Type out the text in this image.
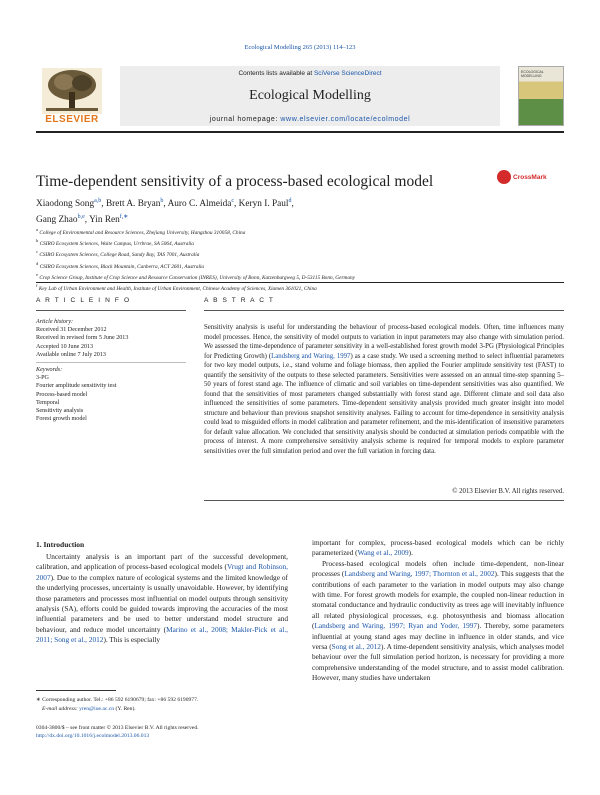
Ecological Modelling 265 (2013) 114–123
ELSEVIER
Contents lists available at SciVerse ScienceDirect
Ecological Modelling
journal homepage: www.elsevier.com/locate/ecolmodel
ECOLOGICAL MODELLING
Time-dependent sensitivity of a process-based ecological model	CrossMark
Xiaodong Song$^{a,b}$, Brett A. Bryan$^b$, Auro C. Almeida$^c$, Keryn I. Paul$^d$,
Gang Zhao$^{b,e}$, Yin Ren$^{f,∗}$
$^a$ College of Environmental and Resource Sciences, Zhejiang University, Hangzhou 310058, China
$^b$ CSIRO Ecosystem Sciences, Waite Campus, Urrbrae, SA 5064, Australia
$^c$ CSIRO Ecosystem Sciences, College Road, Sandy Bay, TAS 7001, Australia
$^d$ CSIRO Ecosystem Sciences, Black Mountain, Canberra, ACT 2601, Australia
$^e$ Crop Science Group, Institute of Crop Science and Resource Conservation (INRES), University of Bonn, Katzenburgweg 5, D-53115 Bonn, Germany
$^f$ Key Lab of Urban Environment and Health, Institute of Urban Environment, Chinese Academy of Sciences, Xiamen 361021, China
A R T I C L E I N F O
Article history:
Received 31 December 2012
Received in revised form 5 June 2013
Accepted 10 June 2013
Available online 7 July 2013
Keywords:
3-PG
Fourier amplitude sensitivity test
Process-based model
Temporal
Sensitivity analysis
Forest growth model
A B S T R A C T
Sensitivity analysis is useful for understanding the behaviour of process-based ecological models. Often, time influences many model processes. Hence, the sensitivity of model outputs to variation in input parameters may also change with simulation period. We assessed the time-dependence of parameter sensitivity in a well-established forest growth model 3-PG (Physiological Principles for Predicting Growth) (Landsberg and Waring, 1997) as a case study. We used a screening method to select influential parameters for two key model outputs, i.e., stand volume and foliage biomass, then applied the Fourier amplitude sensitivity test (FAST) to quantify the sensitivity of the outputs to these selected parameters. Sensitivities were assessed on an annual time-step spanning 5–50 years of forest stand age. The influence of climatic and soil variables on time-dependent sensitivities was also quantified. We found that the sensitivities of most parameters changed substantially with forest stand age. Different climate and soil data also influenced the sensitivities of some parameters. Time-dependent sensitivity analysis provided much greater insight into model structure and behaviour than previous snapshot sensitivity analyses. Failing to account for time-dependence in sensitivity analysis could lead to misguided efforts in model calibration and parameter refinement, and the mis-identification of insensitive parameters for default value allocation. We concluded that sensitivity analysis should be conducted at simulation periods compatible with the process of interest. A more comprehensive sensitivity analysis scheme is required for temporal models to explore parameter sensitivities over the full simulation period and over the full variation in forcing data.
© 2013 Elsevier B.V. All rights reserved.
1. Introduction
Uncertainty analysis is an important part of the successful development, calibration, and application of process-based ecological models (Vrugt and Robinson, 2007). Due to the complex nature of ecological systems and the limited knowledge of the underlying processes, uncertainty is usually unavoidable. However, by identifying those parameters and processes most influential on model outputs through sensitivity analysis (SA), efforts could be guided towards improving the accuracies of the most influential parameters and be used to better understand model structure and behaviour, and reduce model uncertainty (Marino et al., 2008; Makler-Pick et al., 2011; Song et al., 2012). This is especially

important for complex, process-based ecological models which can be richly parameterized (Wang et al., 2009).

Process-based ecological models often include time-dependent, non-linear processes (Landsberg and Waring, 1997; Thornton et al., 2002). This suggests that the contributions of each parameter to the variation in model outputs may also change with time. For forest growth models for example, the coupled non-linear reduction in stomatal conductance and hydraulic conductivity as trees age will inevitably influence all related physiological processes, e.g. photosynthesis and biomass allocation (Landsberg and Waring, 1997; Ryan and Yoder, 1997). Thereby, some parameters influential at young stand ages may decline in influence in older stands, and vice versa (Song et al., 2012). A time-dependent sensitivity analysis, which analyses model behaviour over the full simulation period horizon, is necessary for providing a more comprehensive understanding of the model structure, and to assist model calibration. However, many studies have undertaken

∗ Corresponding author. Tel.: +86 592 6190679; fax: +86 592 6190977.
E-mail address: yren@iue.ac.cn (Y. Ren).
0304-3800/$ – see front matter © 2013 Elsevier B.V. All rights reserved.
http://dx.doi.org/10.1016/j.ecolmodel.2013.06.013
